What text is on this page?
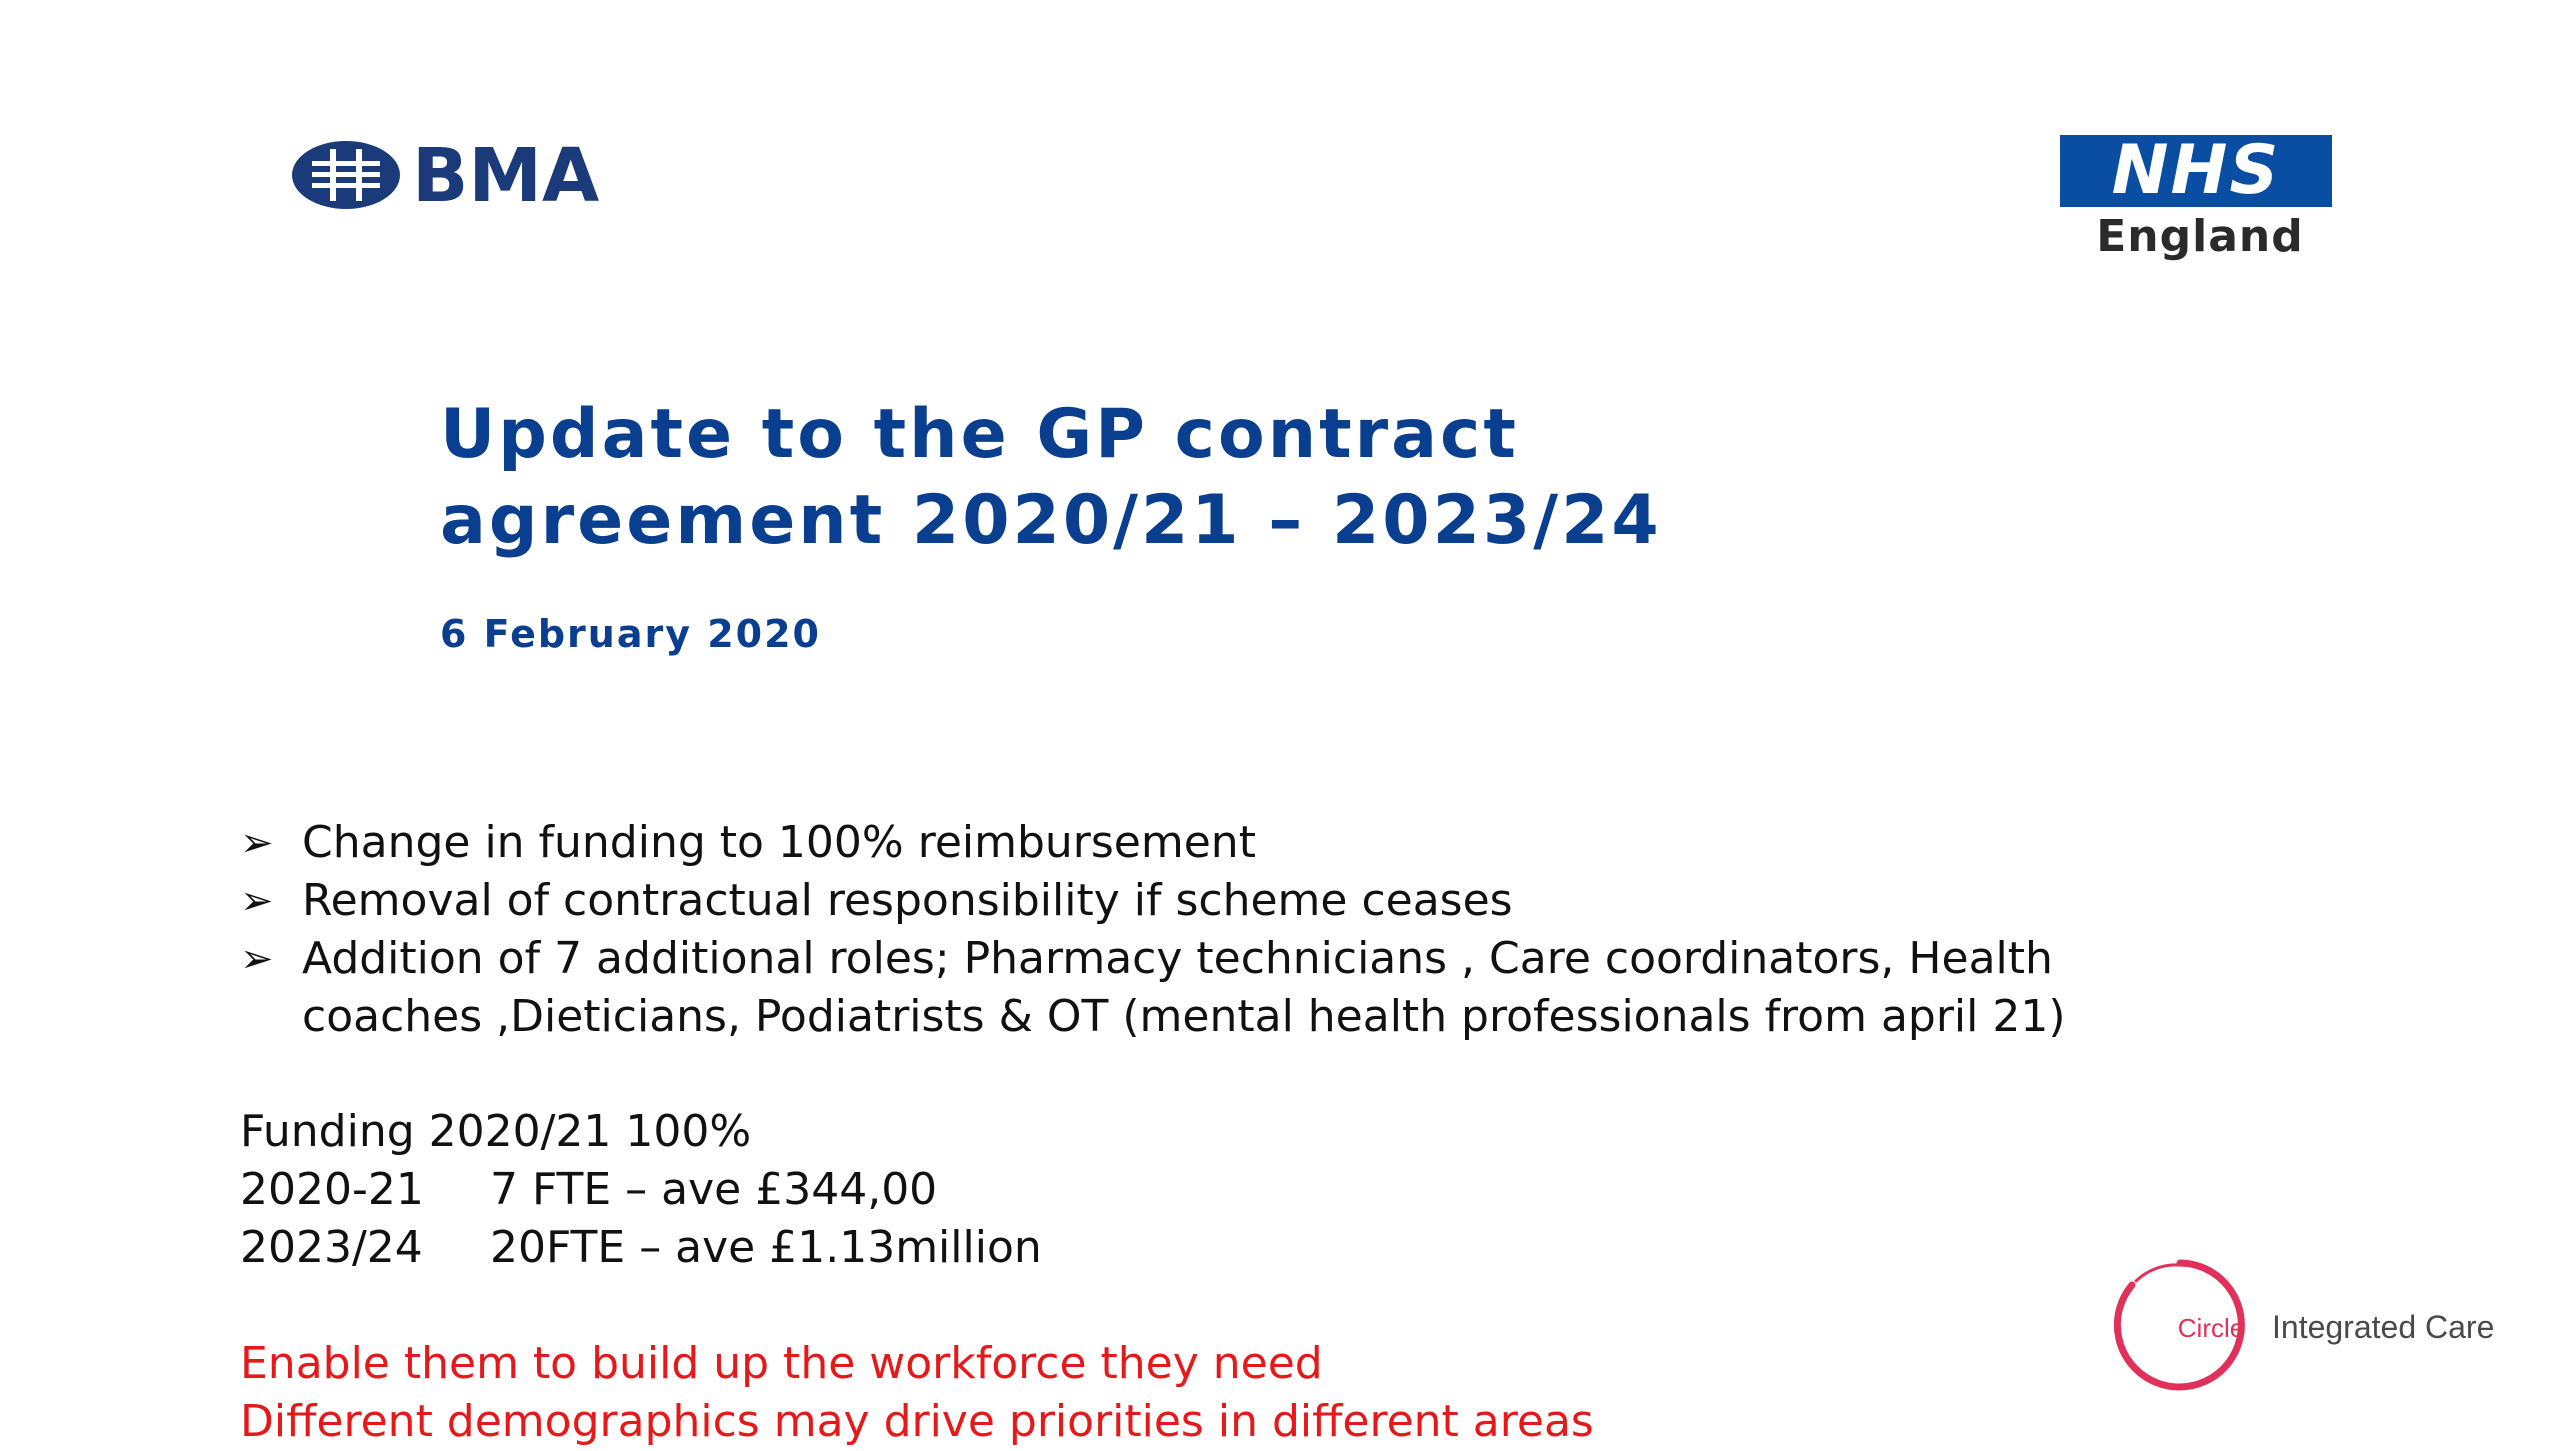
BMA	NHS
England
Update to the GP contract
agreement 2020/21 – 2023/24
6 February 2020
➢ Change in funding to 100% reimbursement
➢ Removal of contractual responsibility if scheme ceases
➢ Addition of 7 additional roles; Pharmacy technicians , Care coordinators, Health coaches ,Dieticians, Podiatrists & OT (mental health professionals from april 21)
Funding 2020/21 100%
2020-21 7 FTE – ave £344,00
2023/24 20FTE – ave £1.13million
Enable them to build up the workforce they need
Different demographics may drive priorities in different areas
Circle Integrated Care
